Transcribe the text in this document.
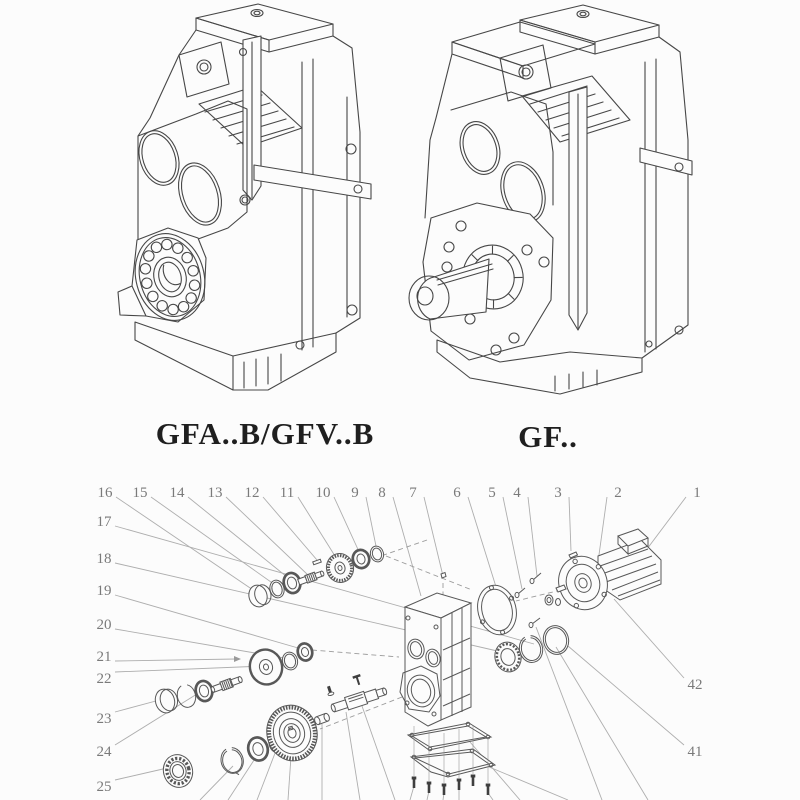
1
2
3
4
5
6
7
8
9
10
11
12
13
14
15
16
17
18
19
20
21
22
23
24
25
42
41
GFA..B/GFV..B	GF..
